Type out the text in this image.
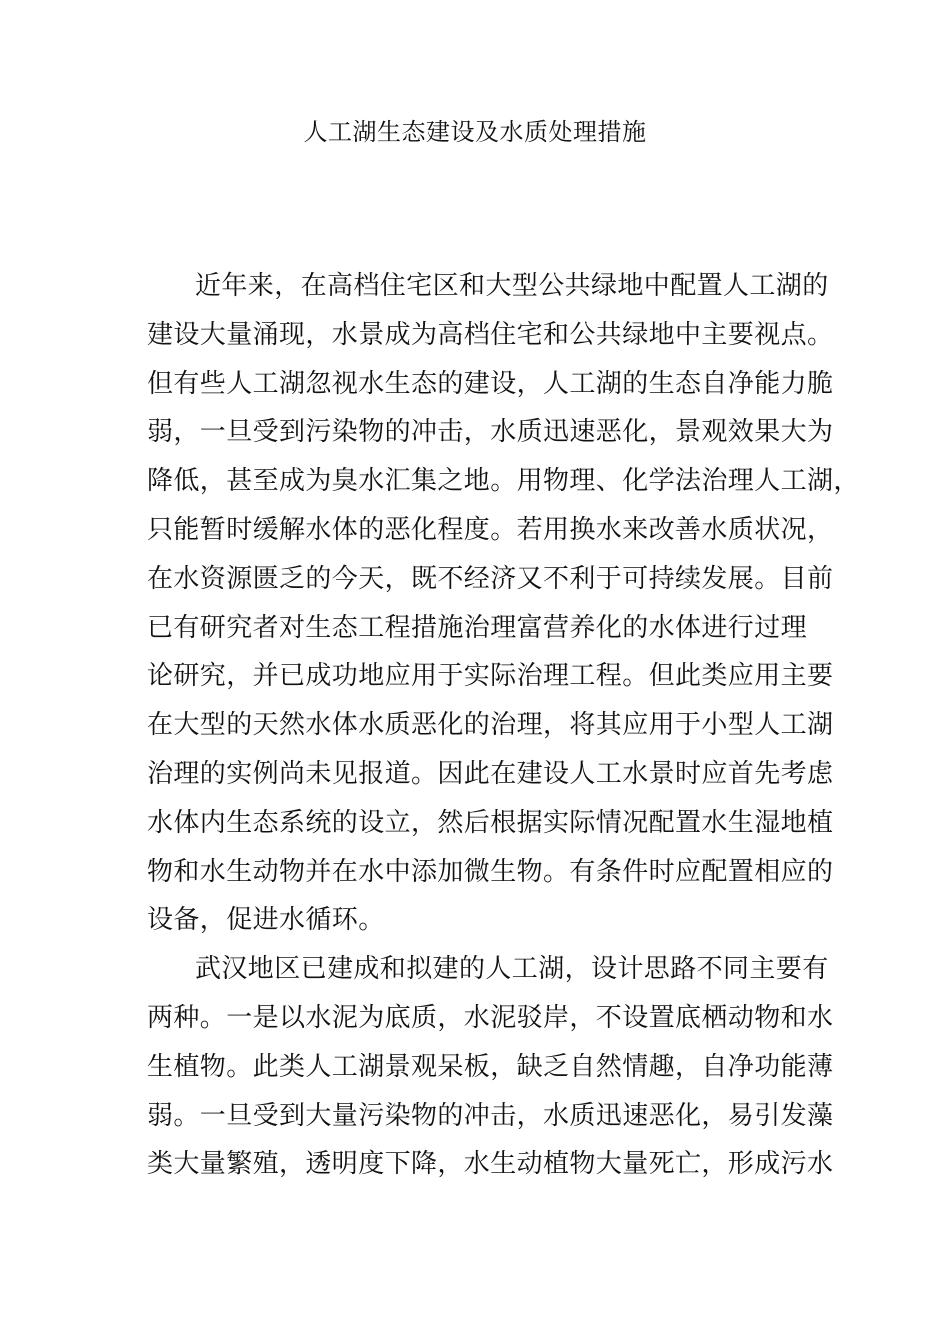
人工湖生态建设及水质处理措施
近年来，在高档住宅区和大型公共绿地中配置人工湖的
建设大量涌现，水景成为高档住宅和公共绿地中主要视点。
但有些人工湖忽视水生态的建设，人工湖的生态自净能力脆
弱，一旦受到污染物的冲击，水质迅速恶化，景观效果大为
降低，甚至成为臭水汇集之地。用物理、化学法治理人工湖，
只能暂时缓解水体的恶化程度。若用换水来改善水质状况，
在水资源匮乏的今天，既不经济又不利于可持续发展。目前
已有研究者对生态工程措施治理富营养化的水体进行过理
论研究，并已成功地应用于实际治理工程。但此类应用主要
在大型的天然水体水质恶化的治理，将其应用于小型人工湖
治理的实例尚未见报道。因此在建设人工水景时应首先考虑
水体内生态系统的设立，然后根据实际情况配置水生湿地植
物和水生动物并在水中添加微生物。有条件时应配置相应的
设备，促进水循环。
武汉地区已建成和拟建的人工湖，设计思路不同主要有
两种。一是以水泥为底质，水泥驳岸，不设置底栖动物和水
生植物。此类人工湖景观呆板，缺乏自然情趣，自净功能薄
弱。一旦受到大量污染物的冲击，水质迅速恶化，易引发藻
类大量繁殖，透明度下降，水生动植物大量死亡，形成污水
